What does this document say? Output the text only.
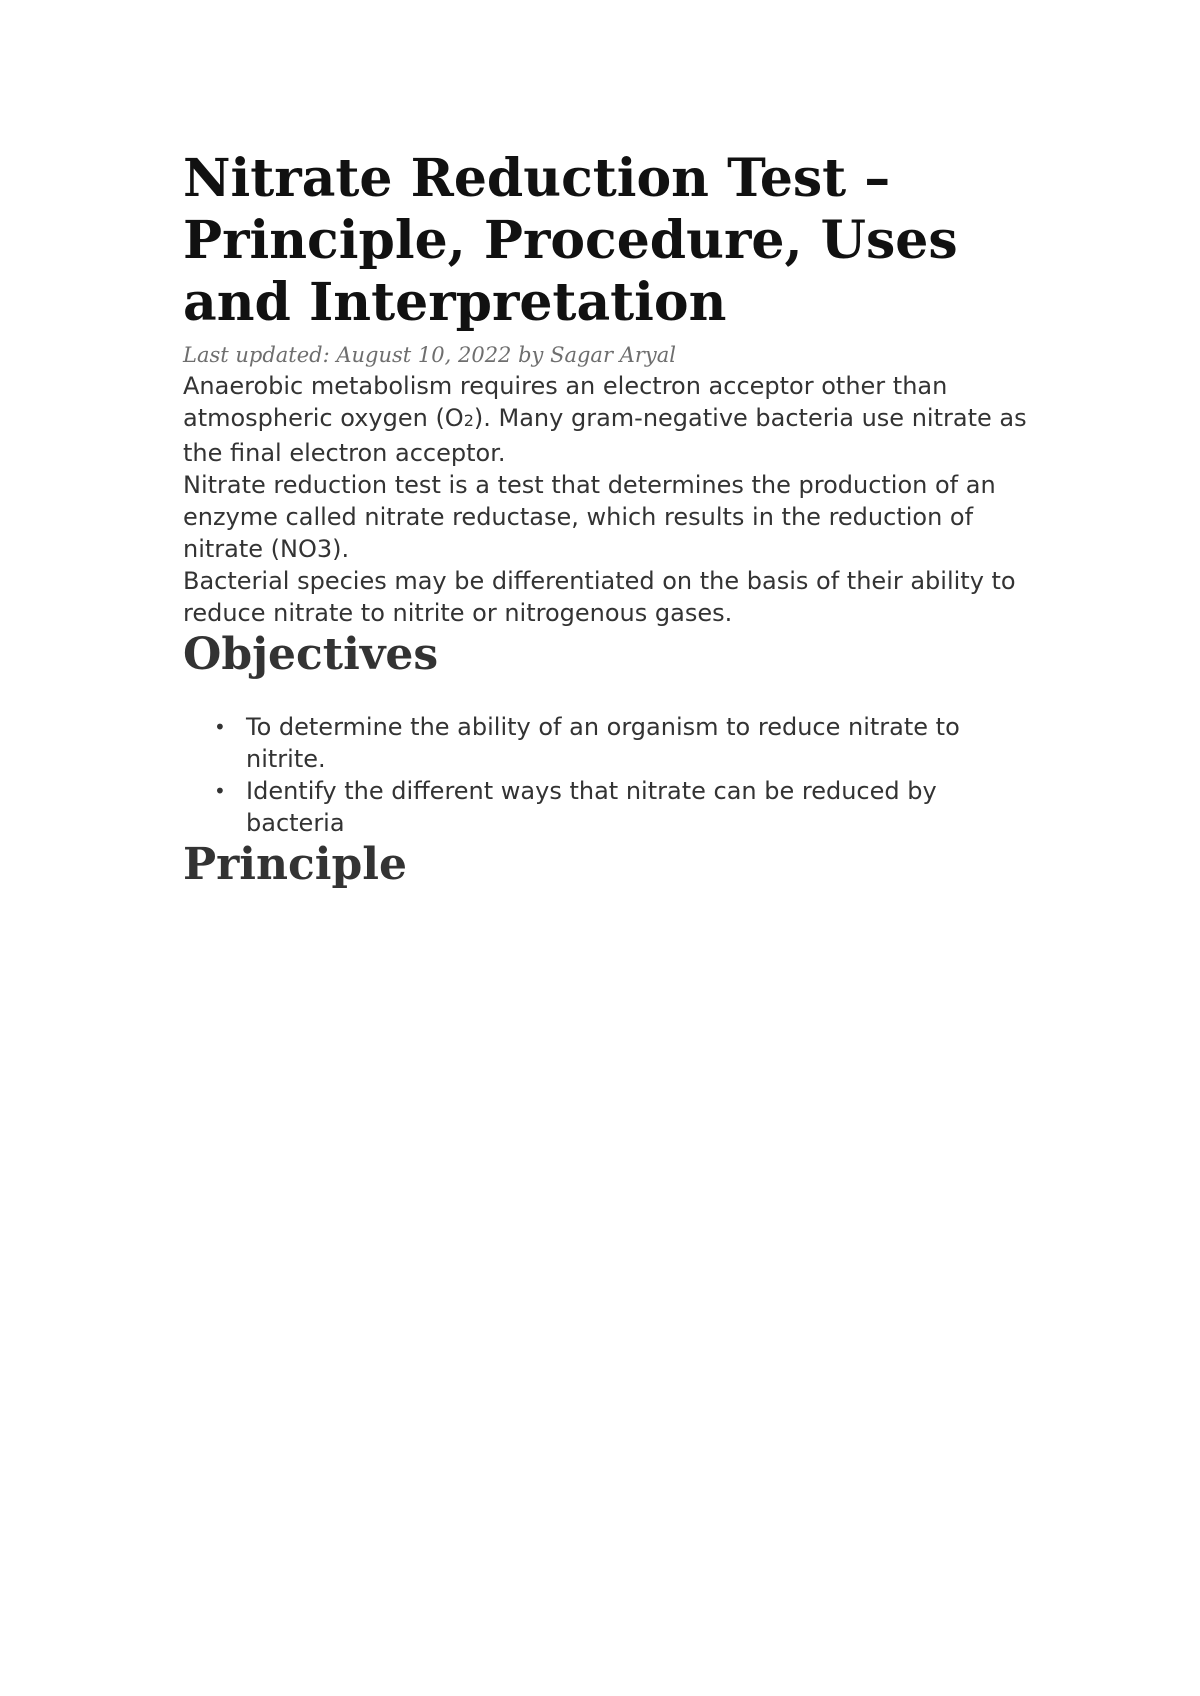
Nitrate Reduction Test – Principle, Procedure, Uses and Interpretation
Last updated: August 10, 2022 by Sagar Aryal

Anaerobic metabolism requires an electron acceptor other than atmospheric oxygen (O2). Many gram-negative bacteria use nitrate as the final electron acceptor.

Nitrate reduction test is a test that determines the production of an enzyme called nitrate reductase, which results in the reduction of nitrate (NO3).

Bacterial species may be differentiated on the basis of their ability to reduce nitrate to nitrite or nitrogenous gases.

Objectives
• To determine the ability of an organism to reduce nitrate to nitrite.
• Identify the different ways that nitrate can be reduced by bacteria
Principle
